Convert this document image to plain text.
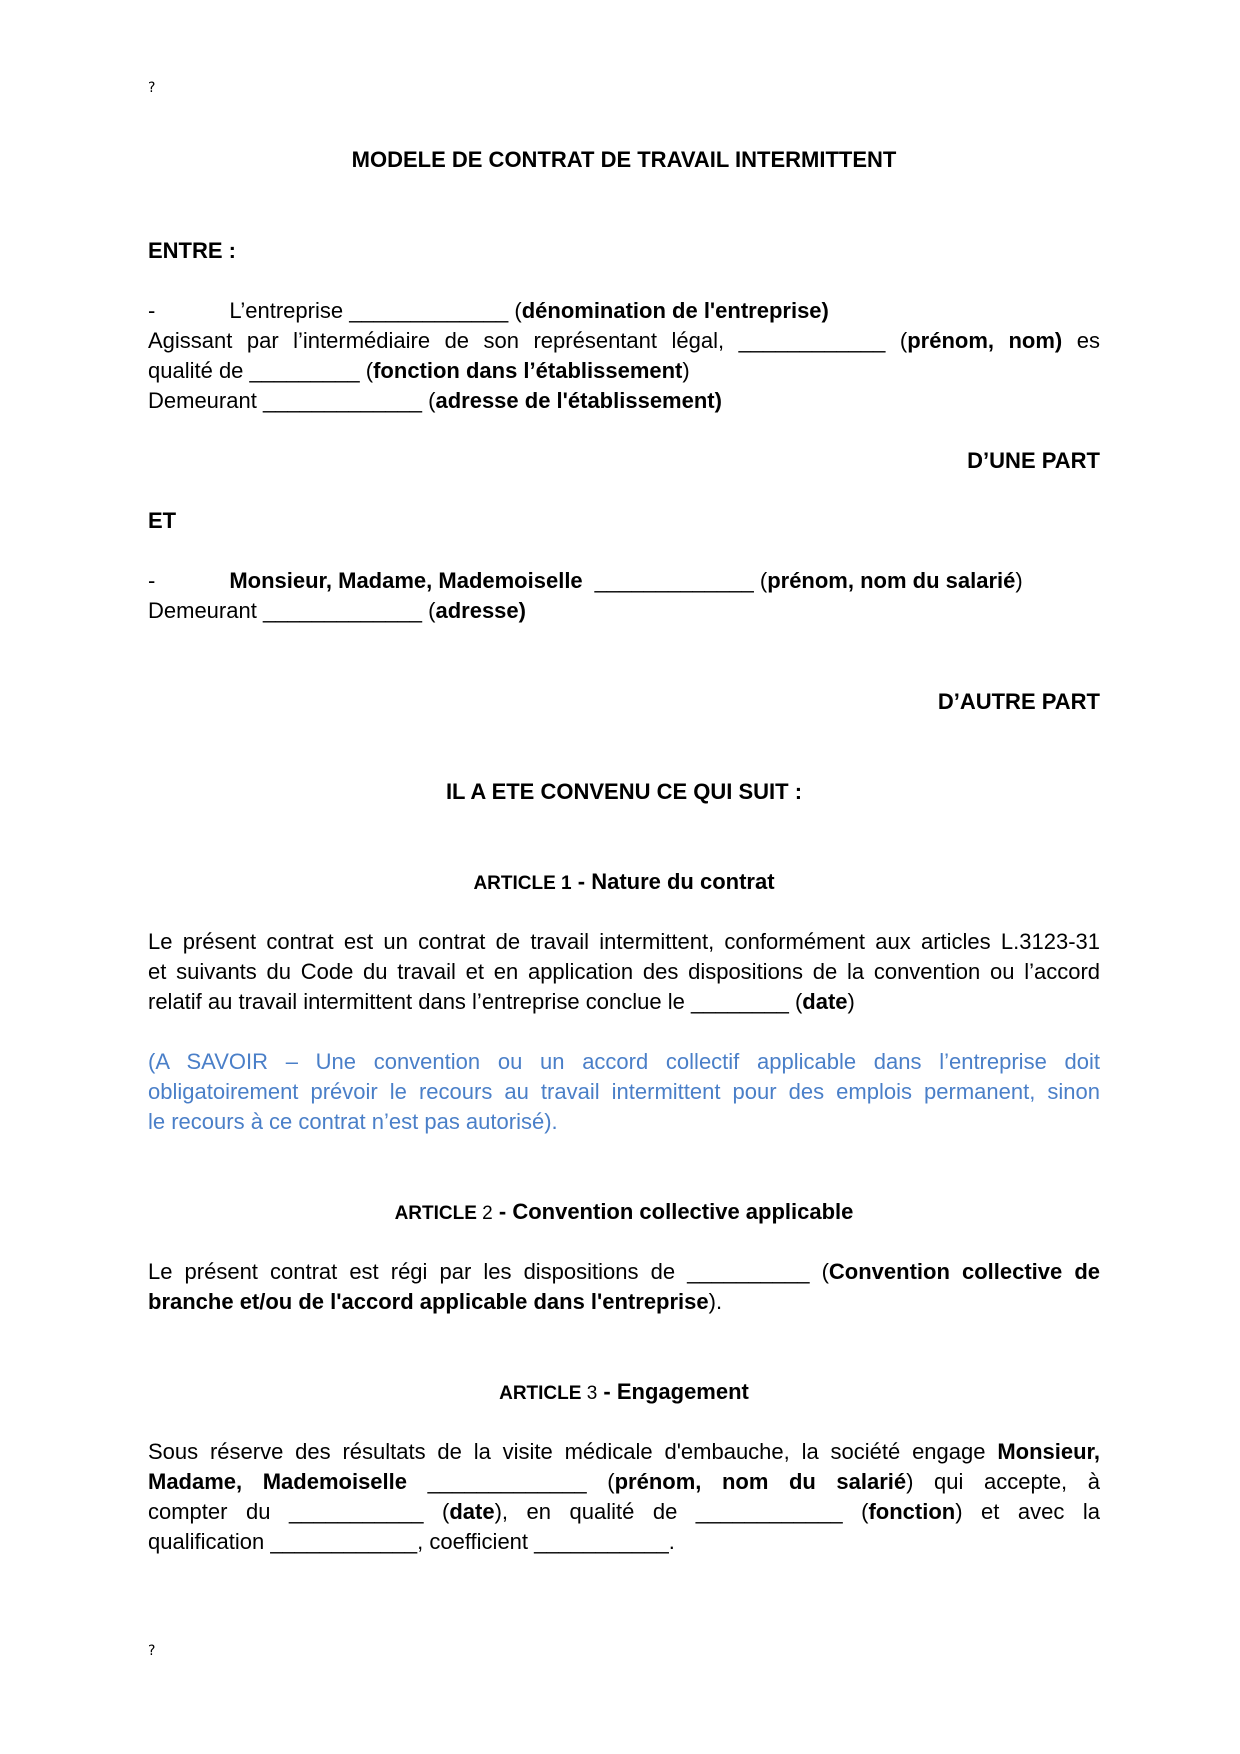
?
MODELE DE CONTRAT DE TRAVAIL INTERMITTENT
ENTRE :
-	L’entreprise _____________ (dénomination de l'entreprise)
Agissant par l’intermédiaire de son représentant légal, ____________ (prénom, nom) es
qualité de _________ (fonction dans l’établissement)
Demeurant _____________ (adresse de l'établissement)
D’UNE PART
ET
-	Monsieur, Madame, Mademoiselle _____________ (prénom, nom du salarié)
Demeurant _____________ (adresse)
D’AUTRE PART
IL A ETE CONVENU CE QUI SUIT :
ARTICLE 1 - Nature du contrat
Le présent contrat est un contrat de travail intermittent, conformément aux articles L.3123-31
et suivants du Code du travail et en application des dispositions de la convention ou l’accord
relatif au travail intermittent dans l’entreprise conclue le ________ (date)
(A SAVOIR – Une convention ou un accord collectif applicable dans l’entreprise doit
obligatoirement prévoir le recours au travail intermittent pour des emplois permanent, sinon
le recours à ce contrat n’est pas autorisé).
ARTICLE 2 - Convention collective applicable
Le présent contrat est régi par les dispositions de __________ (Convention collective de
branche et/ou de l'accord applicable dans l'entreprise).
ARTICLE 3 - Engagement
Sous réserve des résultats de la visite médicale d'embauche, la société engage Monsieur,
Madame, Mademoiselle _____________ (prénom, nom du salarié) qui accepte, à
compter du ___________ (date), en qualité de ____________ (fonction) et avec la
qualification ____________, coefficient ___________.
?
